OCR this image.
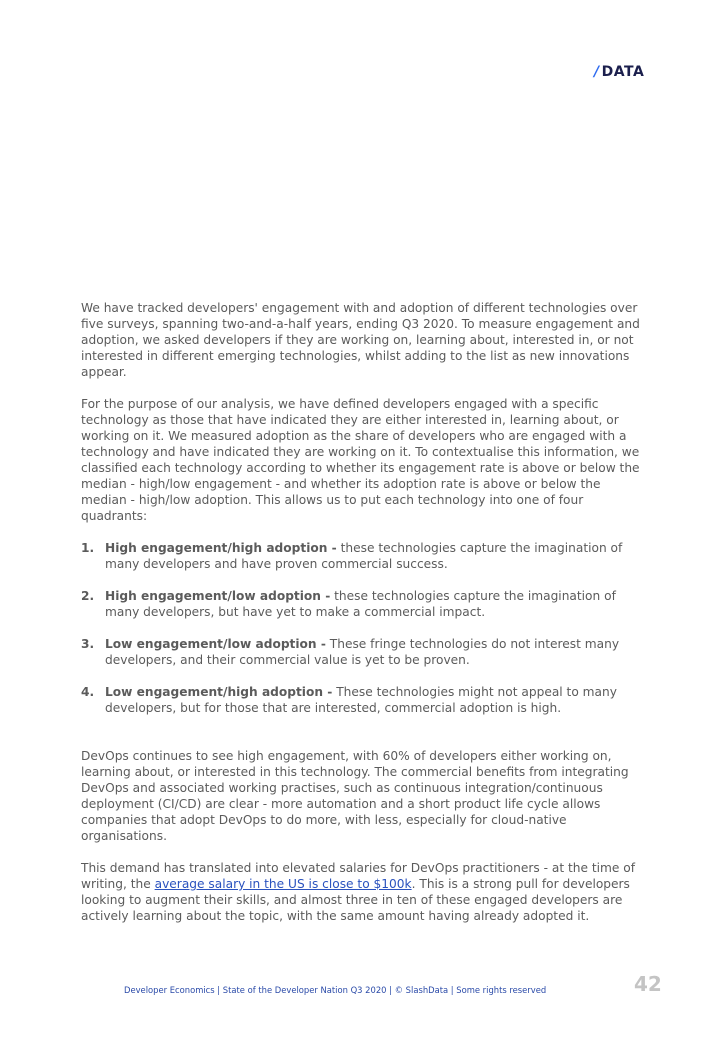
/ DATA

We have tracked developers' engagement with and adoption of different technologies over five surveys, spanning two-and-a-half years, ending Q3 2020. To measure engagement and adoption, we asked developers if they are working on, learning about, interested in, or not interested in different emerging technologies, whilst adding to the list as new innovations appear.

For the purpose of our analysis, we have defined developers engaged with a specific technology as those that have indicated they are either interested in, learning about, or working on it. We measured adoption as the share of developers who are engaged with a technology and have indicated they are working on it. To contextualise this information, we classified each technology according to whether its engagement rate is above or below the median - high/low engagement - and whether its adoption rate is above or below the median - high/low adoption. This allows us to put each technology into one of four quadrants:

1. High engagement/high adoption - these technologies capture the imagination of many developers and have proven commercial success.
2. High engagement/low adoption - these technologies capture the imagination of many developers, but have yet to make a commercial impact.
3. Low engagement/low adoption - These fringe technologies do not interest many developers, and their commercial value is yet to be proven.
4. Low engagement/high adoption - These technologies might not appeal to many developers, but for those that are interested, commercial adoption is high.

DevOps continues to see high engagement, with 60% of developers either working on, learning about, or interested in this technology. The commercial benefits from integrating DevOps and associated working practises, such as continuous integration/continuous deployment (CI/CD) are clear - more automation and a short product life cycle allows companies that adopt DevOps to do more, with less, especially for cloud-native organisations.

This demand has translated into elevated salaries for DevOps practitioners - at the time of writing, the average salary in the US is close to $100k. This is a strong pull for developers looking to augment their skills, and almost three in ten of these engaged developers are actively learning about the topic, with the same amount having already adopted it.

Developer Economics | State of the Developer Nation Q3 2020 | © SlashData | Some rights reserved	42
